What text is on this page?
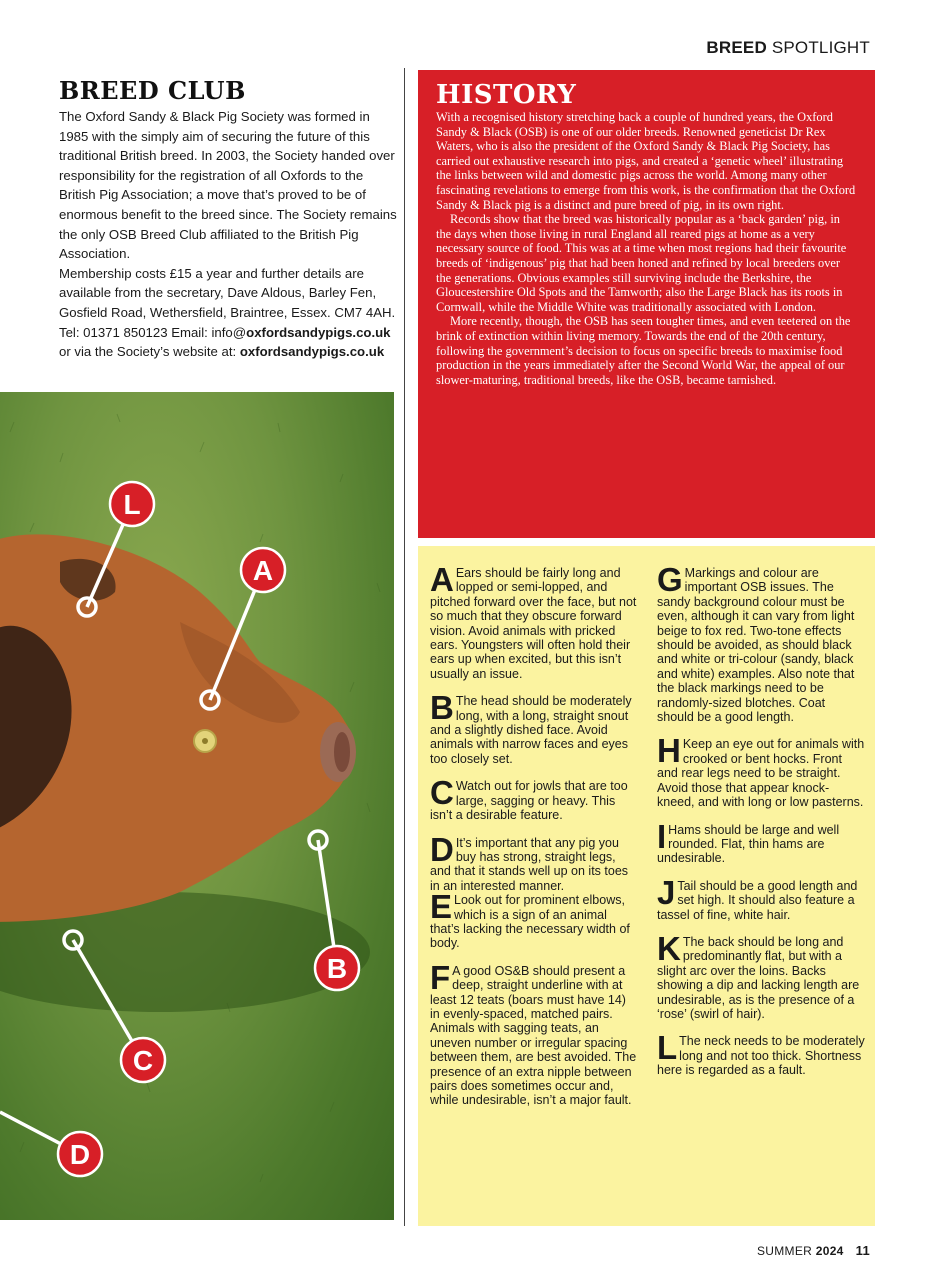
BREED SPOTLIGHT
BREED CLUB

The Oxford Sandy & Black Pig Society was formed in 1985 with the simply aim of securing the future of this traditional British breed. In 2003, the Society handed over responsibility for the registration of all Oxfords to the British Pig Association; a move that’s proved to be of enormous benefit to the breed since. The Society remains the only OSB Breed Club affiliated to the British Pig Association.

Membership costs £15 a year and further details are available from the secretary, Dave Aldous, Barley Fen, Gosfield Road, Wethersfield, Braintree, Essex. CM7 4AH. Tel: 01371 850123 Email: info@oxfordsandypigs.co.uk or via the Society’s website at: oxfordsandypigs.co.uk

L
A
B
C
D
HISTORY

With a recognised history stretching back a couple of hundred years, the Oxford Sandy & Black (OSB) is one of our older breeds. Renowned geneticist Dr Rex Waters, who is also the president of the Oxford Sandy & Black Pig Society, has carried out exhaustive research into pigs, and created a ‘genetic wheel’ illustrating the links between wild and domestic pigs across the world. Among many other fascinating revelations to emerge from this work, is the confirmation that the Oxford Sandy & Black pig is a distinct and pure breed of pig, in its own right.

Records show that the breed was historically popular as a ‘back garden’ pig, in the days when those living in rural England all reared pigs at home as a very necessary source of food. This was at a time when most regions had their favourite breeds of ‘indigenous’ pig that had been honed and refined by local breeders over the generations. Obvious examples still surviving include the Berkshire, the Gloucestershire Old Spots and the Tamworth; also the Large Black has its roots in Cornwall, while the Middle White was traditionally associated with London.

More recently, though, the OSB has seen tougher times, and even teetered on the brink of extinction within living memory. Towards the end of the 20th century, following the government’s decision to focus on specific breeds to maximise food production in the years immediately after the Second World War, the appeal of our slower-maturing, traditional breeds, like the OSB, became tarnished.

A Ears should be fairly long and lopped or semi-lopped, and pitched forward over the face, but not so much that they obscure forward vision. Avoid animals with pricked ears. Youngsters will often hold their ears up when excited, but this isn’t usually an issue.
B The head should be moderately long, with a long, straight snout and a slightly dished face. Avoid animals with narrow faces and eyes too closely set.
C Watch out for jowls that are too large, sagging or heavy. This isn’t a desirable feature.
D It’s important that any pig you buy has strong, straight legs, and that it stands well up on its toes in an interested manner.
E Look out for prominent elbows, which is a sign of an animal that’s lacking the necessary width of body.
F A good OS&B should present a deep, straight underline with at least 12 teats (boars must have 14) in evenly-spaced, matched pairs. Animals with sagging teats, an uneven number or irregular spacing between them, are best avoided. The presence of an extra nipple between pairs does sometimes occur and, while undesirable, isn’t a major fault.
G Markings and colour are important OSB issues. The sandy background colour must be even, although it can vary from light beige to fox red. Two-tone effects should be avoided, as should black and white or tri-colour (sandy, black and white) examples. Also note that the black markings need to be randomly-sized blotches. Coat should be a good length.
H Keep an eye out for animals with crooked or bent hocks. Front and rear legs need to be straight. Avoid those that appear knock-kneed, and with long or low pasterns.
I Hams should be large and well rounded. Flat, thin hams are undesirable.
J Tail should be a good length and set high. It should also feature a tassel of fine, white hair.
K The back should be long and predominantly flat, but with a slight arc over the loins. Backs showing a dip and lacking length are undesirable, as is the presence of a ‘rose’ (swirl of hair).
L The neck needs to be moderately long and not too thick. Shortness here is regarded as a fault.
SUMMER 2024 11
